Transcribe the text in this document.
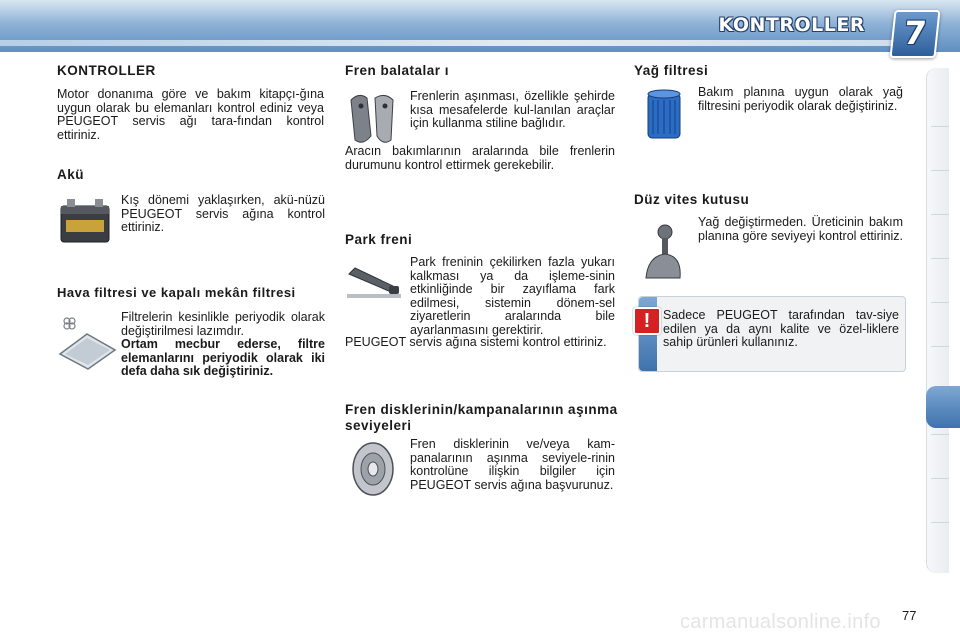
KONTROLLER	7
KONTROLLER

Motor donanıma göre ve bakım kitapçı-ğına uygun olarak bu elemanları kontrol ediniz veya PEUGEOT servis ağı tara-fından kontrol ettiriniz.

Akü

Kış dönemi yaklaşırken, akü-nüzü PEUGEOT servis ağına kontrol ettiriniz.

Hava filtresi ve kapalı mekân filtresi

Filtrelerin kesinlikle periyodik olarak değiştirilmesi lazımdır.

Ortam mecbur ederse, filtre elemanlarını periyodik olarak iki defa daha sık değiştiriniz.

Fren balatalar ı

Frenlerin aşınması, özellikle şehirde kısa mesafelerde kul-lanılan araçlar için kullanma stiline bağlıdır.

Aracın bakımlarının aralarında bile frenlerin durumunu kontrol ettirmek gerekebilir.

Park freni

Park freninin çekilirken fazla yukarı kalkması ya da işleme-sinin etkinliğinde bir zayıflama fark edilmesi, sistemin dönem-sel ziyaretlerin aralarında bile ayarlanmasını gerektirir.

PEUGEOT servis ağına sistemi kontrol ettiriniz.

Fren disklerinin/kampanalarının aşınma seviyeleri

Fren disklerinin ve/veya kam-panalarının aşınma seviyele-rinin kontrolüne ilişkin bilgiler için PEUGEOT servis ağına başvurunuz.

Yağ filtresi

Bakım planına uygun olarak yağ filtresini periyodik olarak değiştiriniz.

Düz vites kutusu

Yağ değiştirmeden. Üreticinin bakım planına göre seviyeyi kontrol ettiriniz.

!	Sadece PEUGEOT tarafından tav-siye edilen ya da aynı kalite ve özel-liklere sahip ürünleri kullanınız.

carmanualsonline.info 77
